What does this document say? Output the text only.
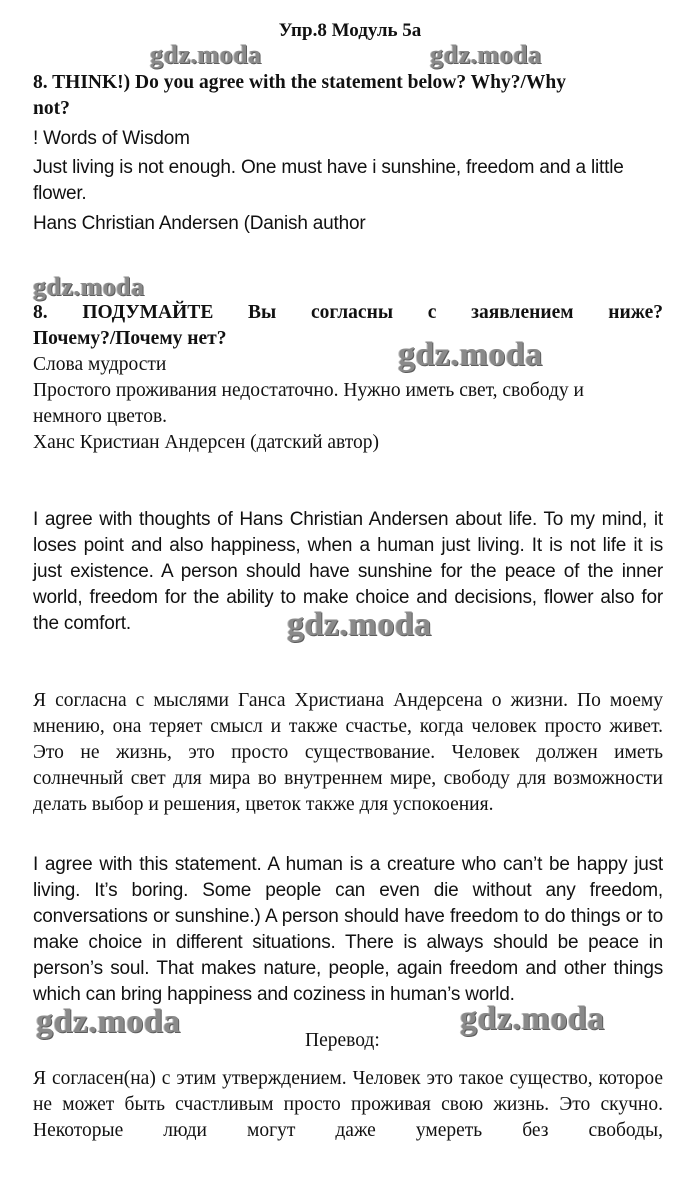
Упр.8 Модуль 5а
gdz.moda	gdz.moda
gdz.moda
gdz.moda
gdz.moda
gdz.moda	gdz.moda
8. THINK!) Do you agree with the statement below? Why?/Why
not?
! Words of Wisdom
Just living is not enough. One must have i sunshine, freedom and a little
flower.
Hans Christian Andersen (Danish author
8. ПОДУМАЙТЕ Вы согласны с заявлением ниже?
Почему?/Почему нет?
Слова мудрости
Простого проживания недостаточно. Нужно иметь свет, свободу и
немного цветов.
Ханс Кристиан Андерсен (датский автор)

I agree with thoughts of Hans Christian Andersen about life. To my mind, it loses point and also happiness, when a human just living. It is not life it is just existence. A person should have sunshine for the peace of the inner world, freedom for the ability to make choice and decisions, flower also for the comfort.

Я согласна с мыслями Ганса Христиана Андерсена о жизни. По моему мнению, она теряет смысл и также счастье, когда человек просто живет. Это не жизнь, это просто существование. Человек должен иметь солнечный свет для мира во внутреннем мире, свободу для возможности делать выбор и решения, цветок также для успокоения.

I agree with this statement. A human is a creature who can’t be happy just living. It’s boring. Some people can even die without any freedom, conversations or sunshine.) A person should have freedom to do things or to make choice in different situations. There is always should be peace in person’s soul. That makes nature, people, again freedom and other things which can bring happiness and coziness in human’s world.

Перевод:

Я согласен(на) с этим утверждением. Человек это такое существо, которое не может быть счастливым просто проживая свою жизнь. Это скучно. Некоторые люди могут даже умереть без свободы,
